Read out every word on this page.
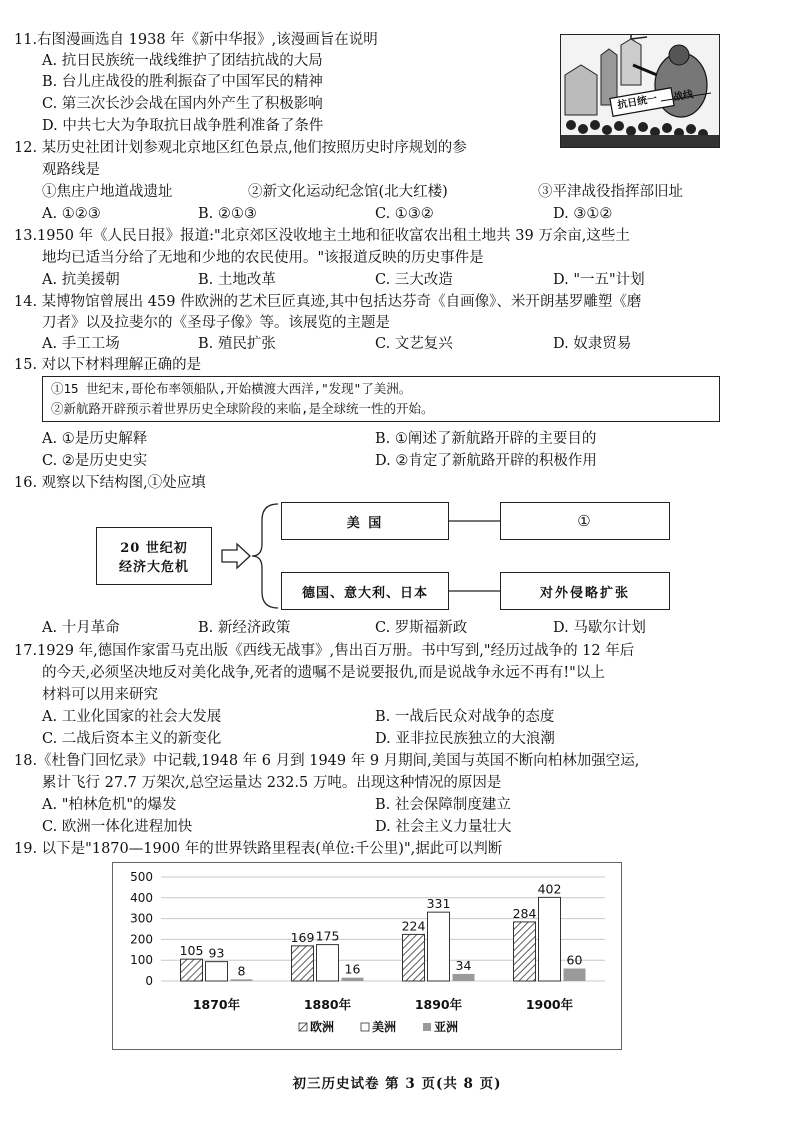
11.右图漫画选自 1938 年《新中华报》,该漫画旨在说明
A. 抗日民族统一战线维护了团结抗战的大局
B. 台儿庄战役的胜利振奋了中国军民的精神
C. 第三次长沙会战在国内外产生了积极影响
D. 中共七大为争取抗日战争胜利准备了条件
抗日统一 战线
12. 某历史社团计划参观北京地区红色景点,他们按照历史时序规划的参
观路线是
①焦庄户地道战遗址	②新文化运动纪念馆(北大红楼)	③平津战役指挥部旧址
A. ①②③	B. ②①③	C. ①③②	D. ③①②
13.1950 年《人民日报》报道:"北京郊区没收地主土地和征收富农出租土地共 39 万余亩,这些土
地均已适当分给了无地和少地的农民使用。"该报道反映的历史事件是
A. 抗美援朝	B. 土地改革	C. 三大改造	D. "一五"计划
14. 某博物馆曾展出 459 件欧洲的艺术巨匠真迹,其中包括达芬奇《自画像》、米开朗基罗雕塑《磨
刀者》以及拉斐尔的《圣母子像》等。该展览的主题是
A. 手工工场	B. 殖民扩张	C. 文艺复兴	D. 奴隶贸易
15. 对以下材料理解正确的是
①15 世纪末,哥伦布率领船队,开始横渡大西洋,"发现"了美洲。
②新航路开辟预示着世界历史全球阶段的来临,是全球统一性的开始。
A. ①是历史解释	B. ①阐述了新航路开辟的主要目的
C. ②是历史史实	D. ②肯定了新航路开辟的积极作用
16. 观察以下结构图,①处应填
20 世纪初
经济大危机
美 国	①
德国、意大利、日本	对外侵略扩张
A. 十月革命	B. 新经济政策	C. 罗斯福新政	D. 马歇尔计划
17.1929 年,德国作家雷马克出版《西线无战事》,售出百万册。书中写到,"经历过战争的 12 年后
的今天,必须坚决地反对美化战争,死者的遗嘱不是说要报仇,而是说战争永远不再有!"以上
材料可以用来研究
A. 工业化国家的社会大发展	B. 一战后民众对战争的态度
C. 二战后资本主义的新变化	D. 亚非拉民族独立的大浪潮
18.《杜鲁门回忆录》中记载,1948 年 6 月到 1949 年 9 月期间,美国与英国不断向柏林加强空运,
累计飞行 27.7 万架次,总空运量达 232.5 万吨。出现这种情况的原因是
A. "柏林危机"的爆发	B. 社会保障制度建立
C. 欧洲一体化进程加快	D. 社会主义力量壮大
19. 以下是"1870—1900 年的世界铁路里程表(单位:千公里)",据此可以判断
0
100
200
300
400
500
105 93
8
1870年
169 175
16
1880年
224
331
34
1890年
284
402
60
1900年
欧洲	美洲	亚洲
初三历史试卷 第 3 页(共 8 页)
